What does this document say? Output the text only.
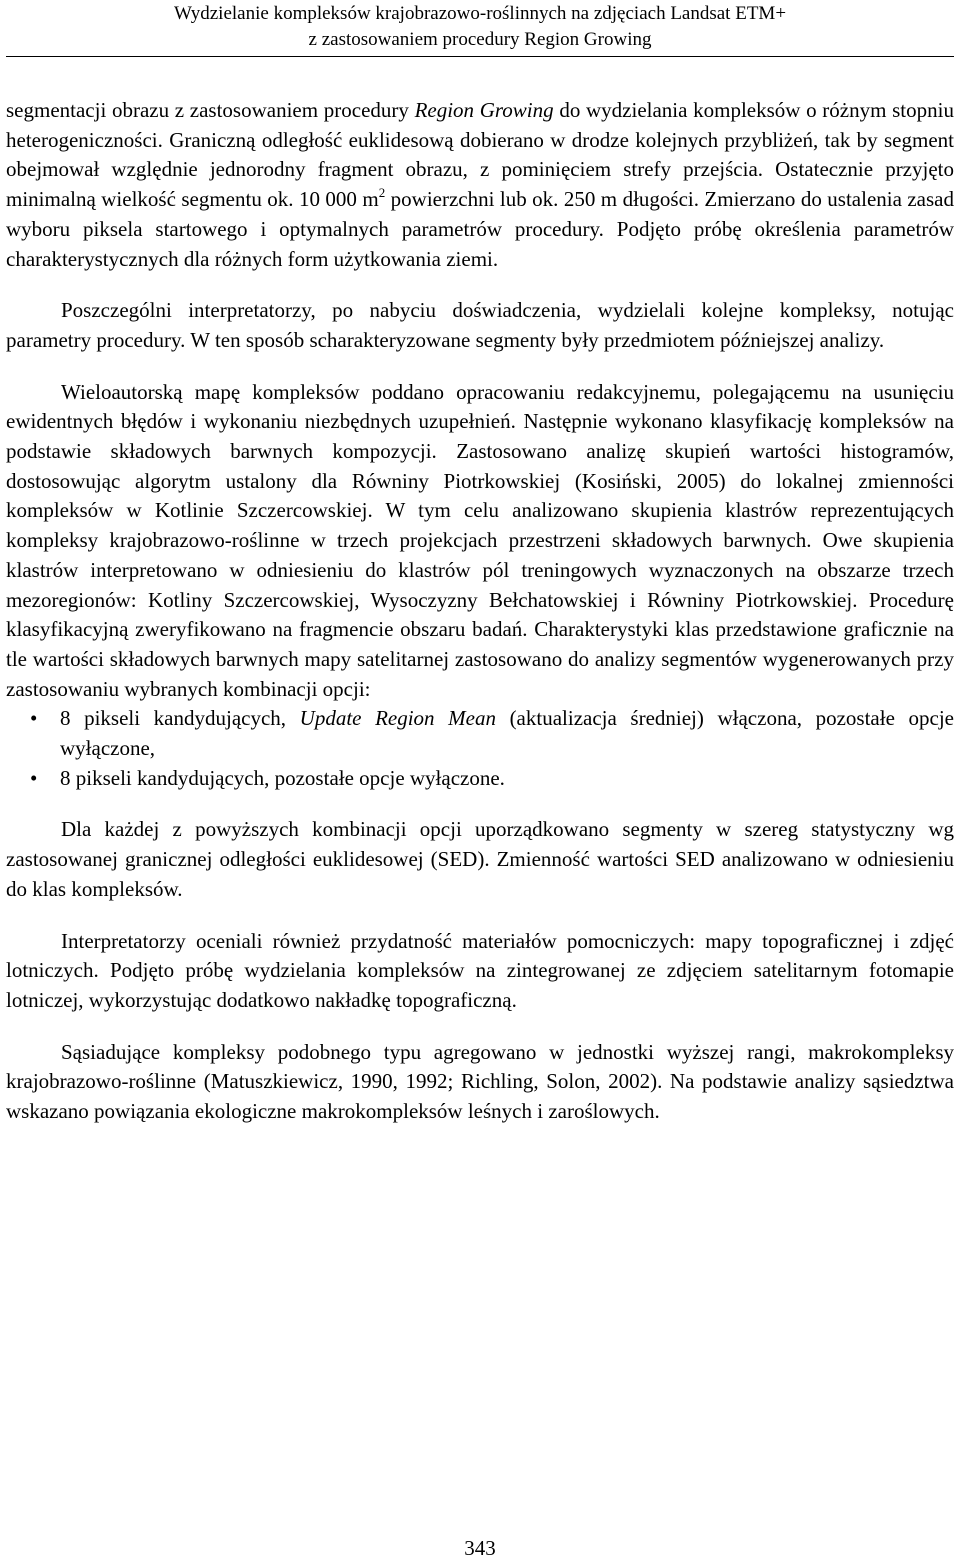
Wydzielanie kompleksów krajobrazowo-roślinnych na zdjęciach Landsat ETM+
z zastosowaniem procedury Region Growing

segmentacji obrazu z zastosowaniem procedury Region Growing do wydzielania kompleksów o różnym stopniu heterogeniczności. Graniczną odległość euklidesową dobierano w drodze kolejnych przybliżeń, tak by segment obejmował względnie jednorodny fragment obrazu, z pominięciem strefy przejścia. Ostatecznie przyjęto minimalną wielkość segmentu ok. 10 000 $m^2$ powierzchni lub ok. 250 m długości. Zmierzano do ustalenia zasad wyboru piksela startowego i optymalnych parametrów procedury. Podjęto próbę określenia parametrów charakterystycznych dla różnych form użytkowania ziemi.

Poszczególni interpretatorzy, po nabyciu doświadczenia, wydzielali kolejne kompleksy, notując parametry procedury. W ten sposób scharakteryzowane segmenty były przedmiotem późniejszej analizy.

Wieloautorską mapę kompleksów poddano opracowaniu redakcyjnemu, polegającemu na usunięciu ewidentnych błędów i wykonaniu niezbędnych uzupełnień. Następnie wykonano klasyfikację kompleksów na podstawie składowych barwnych kompozycji. Zastosowano analizę skupień wartości histogramów, dostosowując algorytm ustalony dla Równiny Piotrkowskiej (Kosiński, 2005) do lokalnej zmienności kompleksów w Kotlinie Szczercowskiej. W tym celu analizowano skupienia klastrów reprezentujących kompleksy krajobrazowo-roślinne w trzech projekcjach przestrzeni składowych barwnych. Owe skupienia klastrów interpretowano w odniesieniu do klastrów pól treningowych wyznaczonych na obszarze trzech mezoregionów: Kotliny Szczercowskiej, Wysoczyzny Bełchatowskiej i Równiny Piotrkowskiej. Procedurę klasyfikacyjną zweryfikowano na fragmencie obszaru badań. Charakterystyki klas przedstawione graficznie na tle wartości składowych barwnych mapy satelitarnej zastosowano do analizy segmentów wygenerowanych przy zastosowaniu wybranych kombinacji opcji:

• 8 pikseli kandydujących, Update Region Mean (aktualizacja średniej) włączona, pozostałe opcje wyłączone,
• 8 pikseli kandydujących, pozostałe opcje wyłączone.

Dla każdej z powyższych kombinacji opcji uporządkowano segmenty w szereg statystyczny wg zastosowanej granicznej odległości euklidesowej (SED). Zmienność wartości SED analizowano w odniesieniu do klas kompleksów.

Interpretatorzy oceniali również przydatność materiałów pomocniczych: mapy topograficznej i zdjęć lotniczych. Podjęto próbę wydzielania kompleksów na zintegrowanej ze zdjęciem satelitarnym fotomapie lotniczej, wykorzystując dodatkowo nakładkę topograficzną.

Sąsiadujące kompleksy podobnego typu agregowano w jednostki wyższej rangi, makrokompleksy krajobrazowo-roślinne (Matuszkiewicz, 1990, 1992; Richling, Solon, 2002). Na podstawie analizy sąsiedztwa wskazano powiązania ekologiczne makrokompleksów leśnych i zaroślowych.

343
